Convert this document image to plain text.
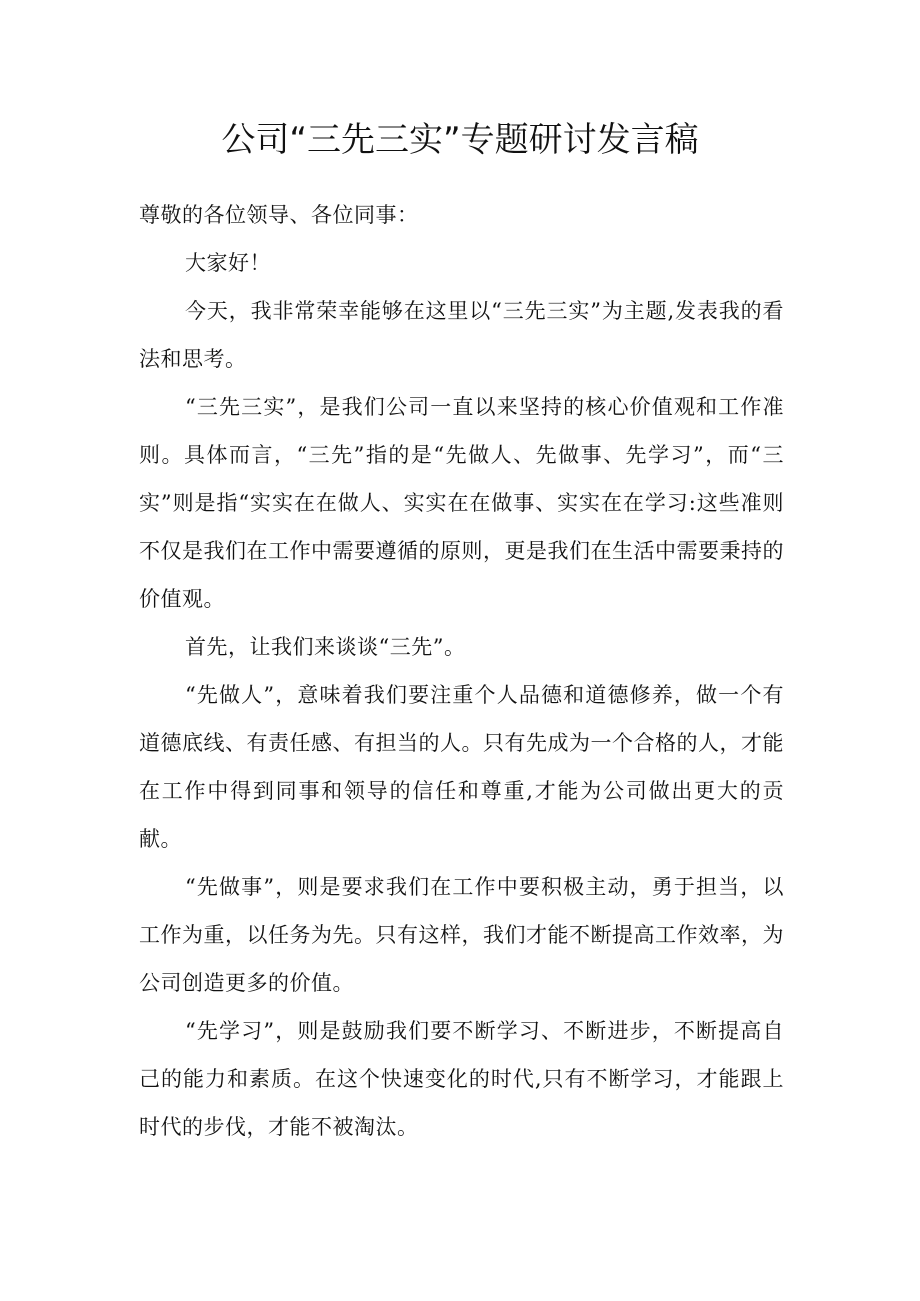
公司“三先三实”专题研讨发言稿

尊敬的各位领导、各位同事：

大家好！

今天，我非常荣幸能够在这里以“三先三实”为主题,发表我的看法和思考。

“三先三实”，是我们公司一直以来坚持的核心价值观和工作准则。具体而言，“三先”指的是“先做人、先做事、先学习”，而“三实”则是指“实实在在做人、实实在在做事、实实在在学习:这些准则不仅是我们在工作中需要遵循的原则，更是我们在生活中需要秉持的价值观。

首先，让我们来谈谈“三先”。

“先做人”，意味着我们要注重个人品德和道德修养，做一个有道德底线、有责任感、有担当的人。只有先成为一个合格的人，才能在工作中得到同事和领导的信任和尊重,才能为公司做出更大的贡献。

“先做事”，则是要求我们在工作中要积极主动，勇于担当，以工作为重，以任务为先。只有这样，我们才能不断提高工作效率，为公司创造更多的价值。

“先学习”，则是鼓励我们要不断学习、不断进步，不断提高自己的能力和素质。在这个快速变化的时代,只有不断学习，才能跟上时代的步伐，才能不被淘汰。
